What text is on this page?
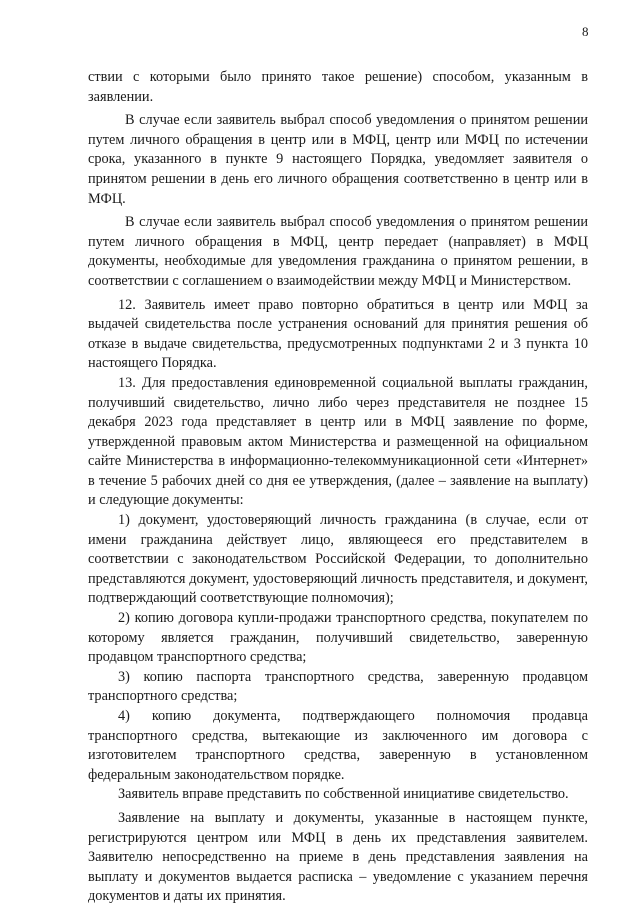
8

ствии с которыми было принято такое решение) способом, указанным в заявлении.

В случае если заявитель выбрал способ уведомления о принятом решении путем личного обращения в центр или в МФЦ, центр или МФЦ по истечении срока, указанного в пункте 9 настоящего Порядка, уведомляет заявителя о принятом решении в день его личного обращения соответственно в центр или в МФЦ.

В случае если заявитель выбрал способ уведомления о принятом решении путем личного обращения в МФЦ, центр передает (направляет) в МФЦ документы, необходимые для уведомления гражданина о принятом решении, в соответствии с соглашением о взаимодействии между МФЦ и Министерством.

12. Заявитель имеет право повторно обратиться в центр или МФЦ за выдачей свидетельства после устранения оснований для принятия решения об отказе в выдаче свидетельства, предусмотренных подпунктами 2 и 3 пункта 10 настоящего Порядка.

13. Для предоставления единовременной социальной выплаты гражданин, получивший свидетельство, лично либо через представителя не позднее 15 декабря 2023 года представляет в центр или в МФЦ заявление по форме, утвержденной правовым актом Министерства и размещенной на официальном сайте Министерства в информационно-телекоммуникационной сети «Интернет» в течение 5 рабочих дней со дня ее утверждения, (далее – заявление на выплату) и следующие документы:

1) документ, удостоверяющий личность гражданина (в случае, если от имени гражданина действует лицо, являющееся его представителем в соответствии с законодательством Российской Федерации, то дополнительно представляются документ, удостоверяющий личность представителя, и документ, подтверждающий соответствующие полномочия);

2) копию договора купли-продажи транспортного средства, покупателем по которому является гражданин, получивший свидетельство, заверенную продавцом транспортного средства;

3) копию паспорта транспортного средства, заверенную продавцом транспортного средства;

4) копию документа, подтверждающего полномочия продавца транспортного средства, вытекающие из заключенного им договора с изготовителем транспортного средства, заверенную в установленном федеральным законодательством порядке.

Заявитель вправе представить по собственной инициативе свидетельство.

Заявление на выплату и документы, указанные в настоящем пункте, регистрируются центром или МФЦ в день их представления заявителем. Заявителю непосредственно на приеме в день представления заявления на выплату и документов выдается расписка – уведомление с указанием перечня документов и даты их принятия.
